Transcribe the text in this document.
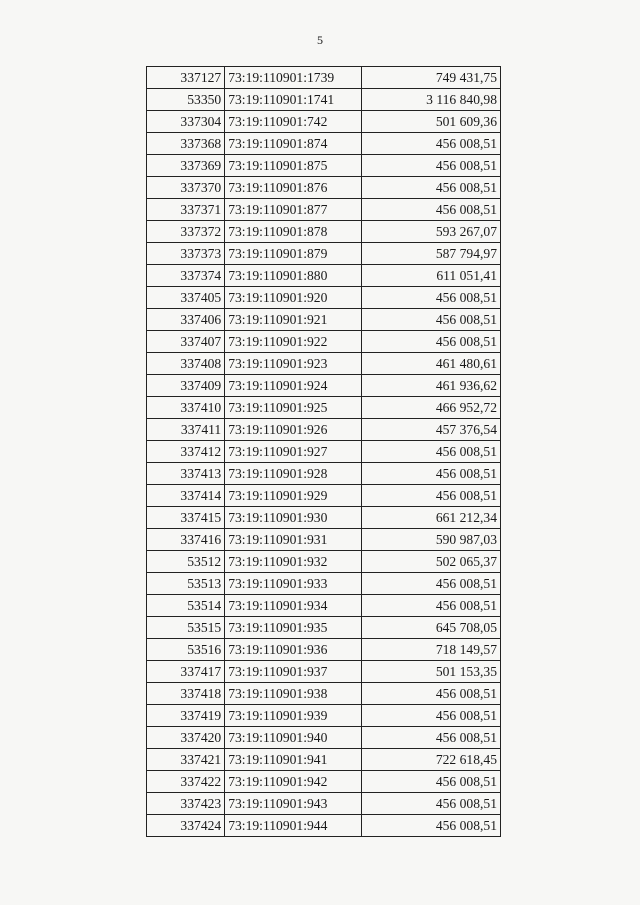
5
337127	73:19:110901:1739	749 431,75
53350	73:19:110901:1741	3 116 840,98
337304	73:19:110901:742	501 609,36
337368	73:19:110901:874	456 008,51
337369	73:19:110901:875	456 008,51
337370	73:19:110901:876	456 008,51
337371	73:19:110901:877	456 008,51
337372	73:19:110901:878	593 267,07
337373	73:19:110901:879	587 794,97
337374	73:19:110901:880	611 051,41
337405	73:19:110901:920	456 008,51
337406	73:19:110901:921	456 008,51
337407	73:19:110901:922	456 008,51
337408	73:19:110901:923	461 480,61
337409	73:19:110901:924	461 936,62
337410	73:19:110901:925	466 952,72
337411	73:19:110901:926	457 376,54
337412	73:19:110901:927	456 008,51
337413	73:19:110901:928	456 008,51
337414	73:19:110901:929	456 008,51
337415	73:19:110901:930	661 212,34
337416	73:19:110901:931	590 987,03
53512	73:19:110901:932	502 065,37
53513	73:19:110901:933	456 008,51
53514	73:19:110901:934	456 008,51
53515	73:19:110901:935	645 708,05
53516	73:19:110901:936	718 149,57
337417	73:19:110901:937	501 153,35
337418	73:19:110901:938	456 008,51
337419	73:19:110901:939	456 008,51
337420	73:19:110901:940	456 008,51
337421	73:19:110901:941	722 618,45
337422	73:19:110901:942	456 008,51
337423	73:19:110901:943	456 008,51
337424	73:19:110901:944	456 008,51
